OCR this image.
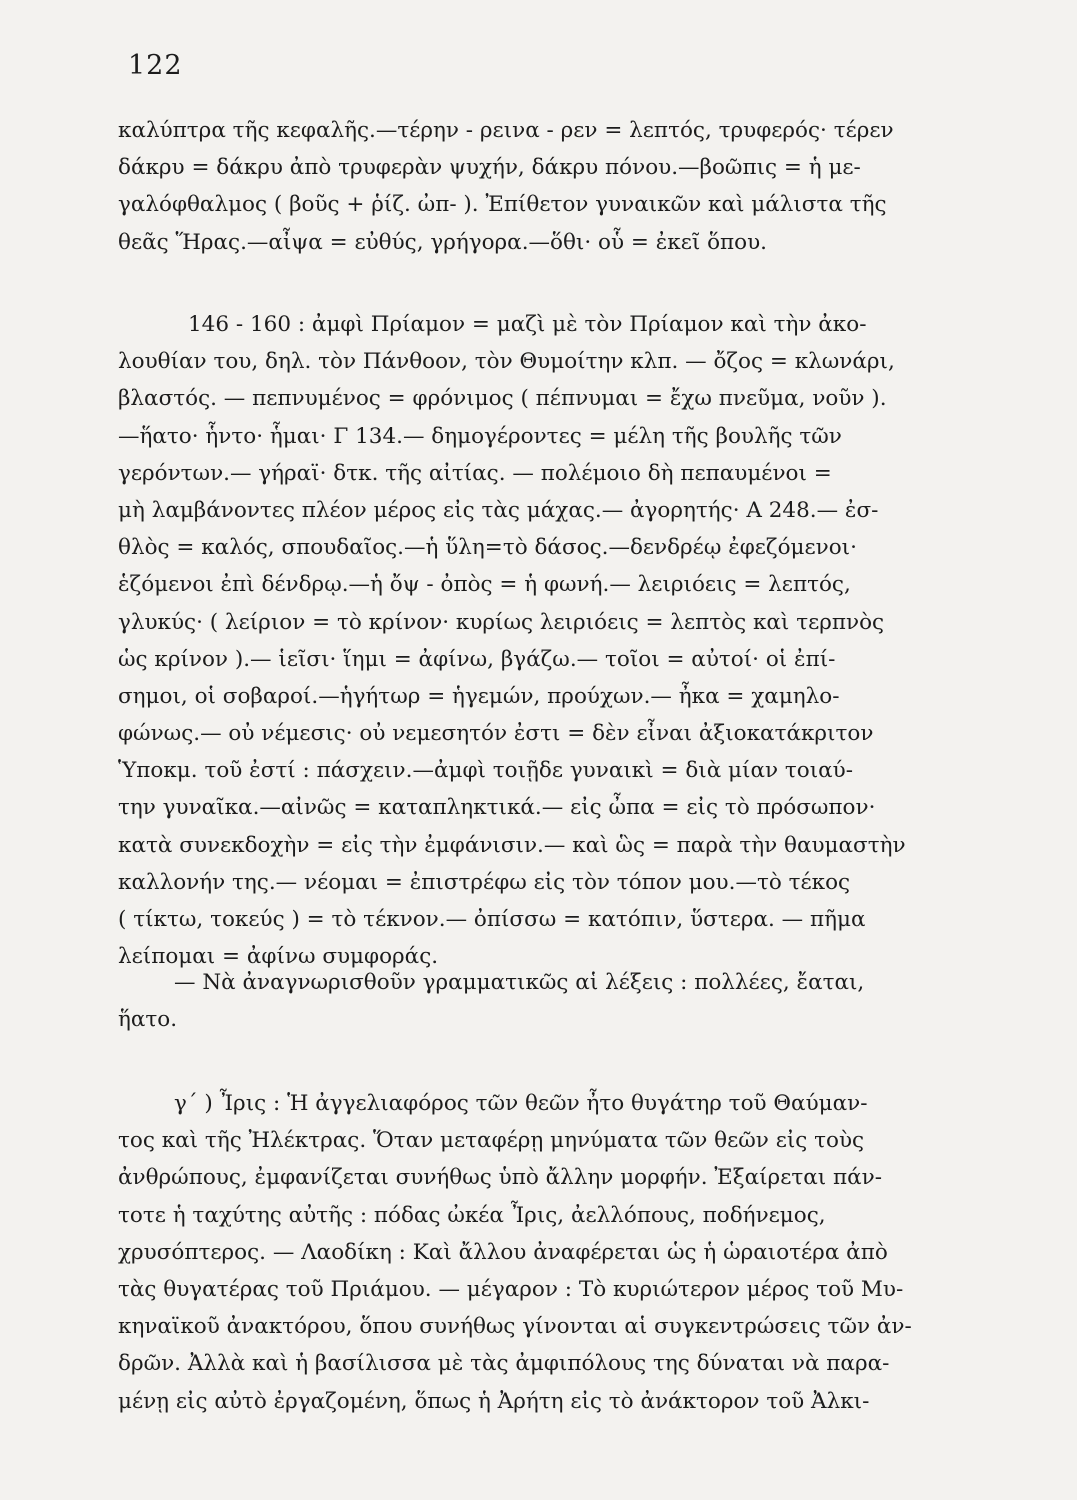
122
καλύπτρα τῆς κεφαλῆς.—τέρην - ρεινα - ρεν = λεπτός, τρυφερός· τέρεν
δάκρυ = δάκρυ ἀπὸ τρυφερὰν ψυχήν, δάκρυ πόνου.—βοῶπις = ἡ με-
γαλόφθαλμος ( βοῦς + ῥίζ. ὠπ- ). Ἐπίθετον γυναικῶν καὶ μάλιστα τῆς
θεᾶς Ἥρας.—αἶψα = εὐθύς, γρήγορα.—ὅθι· οὗ = ἐκεῖ ὅπου.
146 - 160 : ἀμφὶ Πρίαμον = μαζὶ μὲ τὸν Πρίαμον καὶ τὴν ἀκο-
λουθίαν του, δηλ. τὸν Πάνθοον, τὸν Θυμοίτην κλπ. — ὄζος = κλωνάρι,
βλαστός. — πεπνυμένος = φρόνιμος ( πέπνυμαι = ἔχω πνεῦμα, νοῦν ).
—ἥατο· ἧντο· ἧμαι· Γ 134.— δημογέροντες = μέλη τῆς βουλῆς τῶν
γερόντων.— γήραϊ· δτκ. τῆς αἰτίας. — πολέμοιο δὴ πεπαυμένοι =
μὴ λαμβάνοντες πλέον μέρος εἰς τὰς μάχας.— ἀγορητής· Α 248.— ἐσ-
θλὸς = καλός, σπουδαῖος.—ἡ ὕλη=τὸ δάσος.—δενδρέῳ ἐφεζόμενοι·
ἑζόμενοι ἐπὶ δένδρῳ.—ἡ ὄψ - ὀπὸς = ἡ φωνή.— λειριόεις = λεπτός,
γλυκύς· ( λείριον = τὸ κρίνον· κυρίως λειριόεις = λεπτὸς καὶ τερπνὸς
ὡς κρίνον ).— ἱεῖσι· ἵημι = ἀφίνω, βγάζω.— τοῖοι = αὐτοί· οἱ ἐπί-
σημοι, οἱ σοβαροί.—ἡγήτωρ = ἡγεμών, προύχων.— ἦκα = χαμηλο-
φώνως.— οὐ νέμεσις· οὐ νεμεσητόν ἐστι = δὲν εἶναι ἀξιοκατάκριτον
Ὑποκμ. τοῦ ἐστί : πάσχειν.—ἀμφὶ τοιῇδε γυναικὶ = διὰ μίαν τοιαύ-
την γυναῖκα.—αἰνῶς = καταπληκτικά.— εἰς ὦπα = εἰς τὸ πρόσωπον·
κατὰ συνεκδοχὴν = εἰς τὴν ἐμφάνισιν.— καὶ ὣς = παρὰ τὴν θαυμαστὴν
καλλονήν της.— νέομαι = ἐπιστρέφω εἰς τὸν τόπον μου.—τὸ τέκος
( τίκτω, τοκεύς ) = τὸ τέκνον.— ὀπίσσω = κατόπιν, ὕστερα. — πῆμα
λείπομαι = ἀφίνω συμφοράς.
— Νὰ ἀναγνωρισθοῦν γραμματικῶς αἱ λέξεις : πολλέες, ἔαται,
ἥατο.
γ΄ ) Ἶρις : Ἡ ἀγγελιαφόρος τῶν θεῶν ἦτο θυγάτηρ τοῦ Θαύμαν-
τος καὶ τῆς Ἠλέκτρας. Ὅταν μεταφέρῃ μηνύματα τῶν θεῶν εἰς τοὺς
ἀνθρώπους, ἐμφανίζεται συνήθως ὑπὸ ἄλλην μορφήν. Ἐξαίρεται πάν-
τοτε ἡ ταχύτης αὐτῆς : πόδας ὠκέα Ἶρις, ἀελλόπους, ποδήνεμος,
χρυσόπτερος. — Λαοδίκη : Καὶ ἄλλου ἀναφέρεται ὡς ἡ ὡραιοτέρα ἀπὸ
τὰς θυγατέρας τοῦ Πριάμου. — μέγαρον : Τὸ κυριώτερον μέρος τοῦ Μυ-
κηναϊκοῦ ἀνακτόρου, ὅπου συνήθως γίνονται αἱ συγκεντρώσεις τῶν ἀν-
δρῶν. Ἀλλὰ καὶ ἡ βασίλισσα μὲ τὰς ἀμφιπόλους της δύναται νὰ παρα-
μένῃ εἰς αὐτὸ ἐργαζομένη, ὅπως ἡ Ἀρήτη εἰς τὸ ἀνάκτορον τοῦ Ἀλκι-
